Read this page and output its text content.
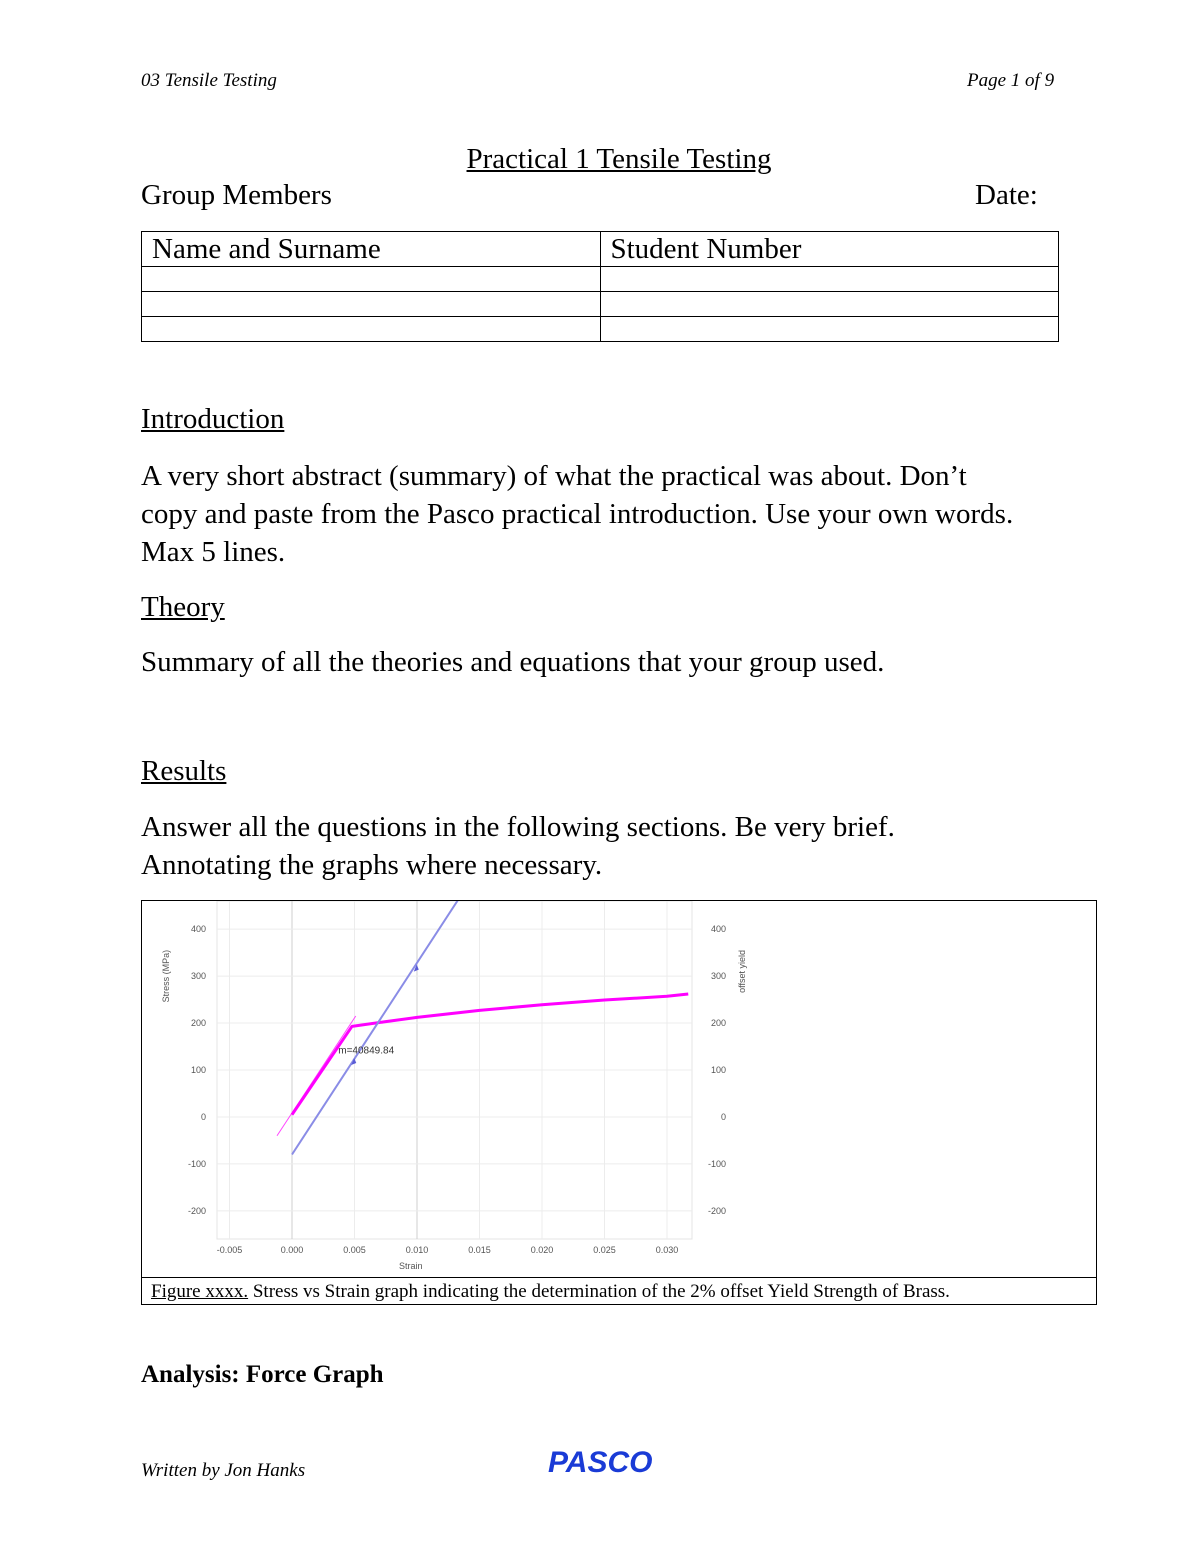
03 Tensile Testing	Page 1 of 9
Practical 1 Tensile Testing
Group Members	Date:
Name and Surname	Student Number

Introduction
A very short abstract (summary) of what the practical was about. Don’t
copy and paste from the Pasco practical introduction. Use your own words.
Max 5 lines.
Theory
Summary of all the theories and equations that your group used.
Results
Answer all the questions in the following sections. Be very brief.
Annotating the graphs where necessary.
-0.005	0.000	0.005	0.010	0.015	0.020	0.025	0.030
400
300
200
100
0
-100
-200
400
300
200
100
0
-100
-200
Strain
Stress (MPa)	offset yield
m=40849.84
Figure xxxx. Stress vs Strain graph indicating the determination of the 2% offset Yield Strength of Brass.
Analysis: Force Graph
Written by Jon Hanks	PASCO
